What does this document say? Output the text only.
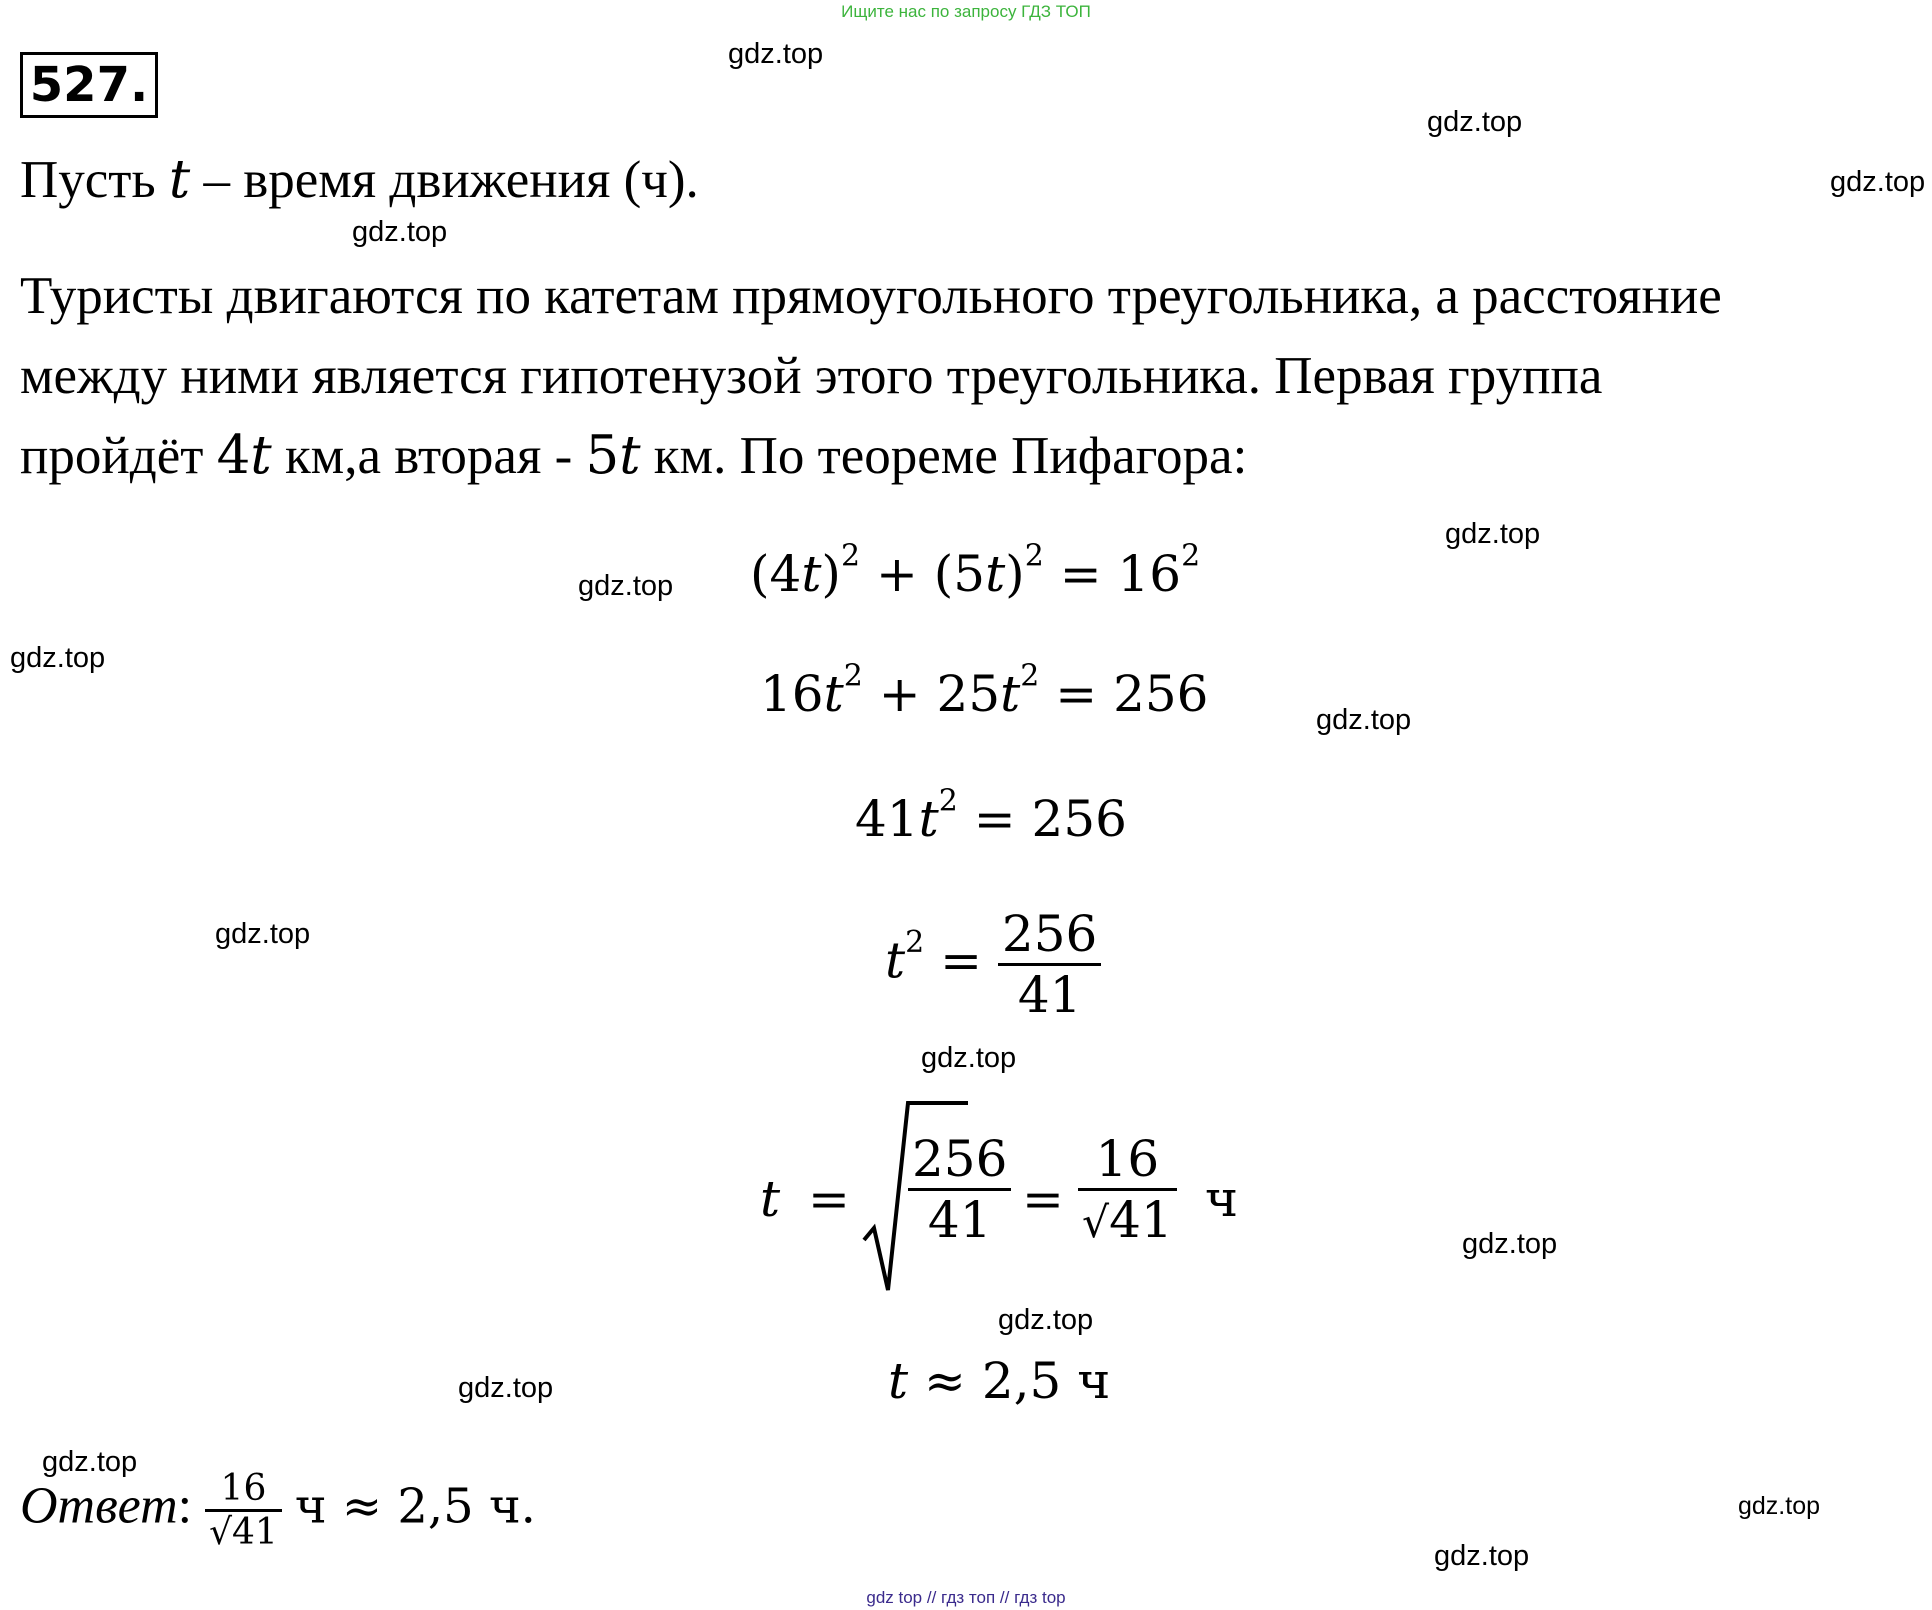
Ищите нас по запросу ГДЗ ТОП
527.
Пусть t – время движения (ч).
Туристы двигаются по катетам прямоугольного треугольника, а расстояние
между ними является гипотенузой этого треугольника. Первая группа
пройдёт 4t км,а вторая - 5t км. По теореме Пифагора:
$(4t)^2 + (5t)^2 = 16^2$
$16t^2 + 25t^2 = 256$
$41t^2 = 256$
$t^2 = \frac{256}{41}$
$t = \frac{256}{41} = \frac{16}{√41}$ ч
t ≈ 2,5 ч
Ответ: $\frac{16}{√41}$ ч ≈ 2,5 ч.
gdz.top
gdz.top
gdz.top
gdz.top
gdz.top
gdz.top
gdz.top
gdz.top
gdz.top
gdz.top
gdz.top
gdz.top
gdz.top
gdz.top
gdz.top
gdz.top
gdz top // гдз топ // гдз top
